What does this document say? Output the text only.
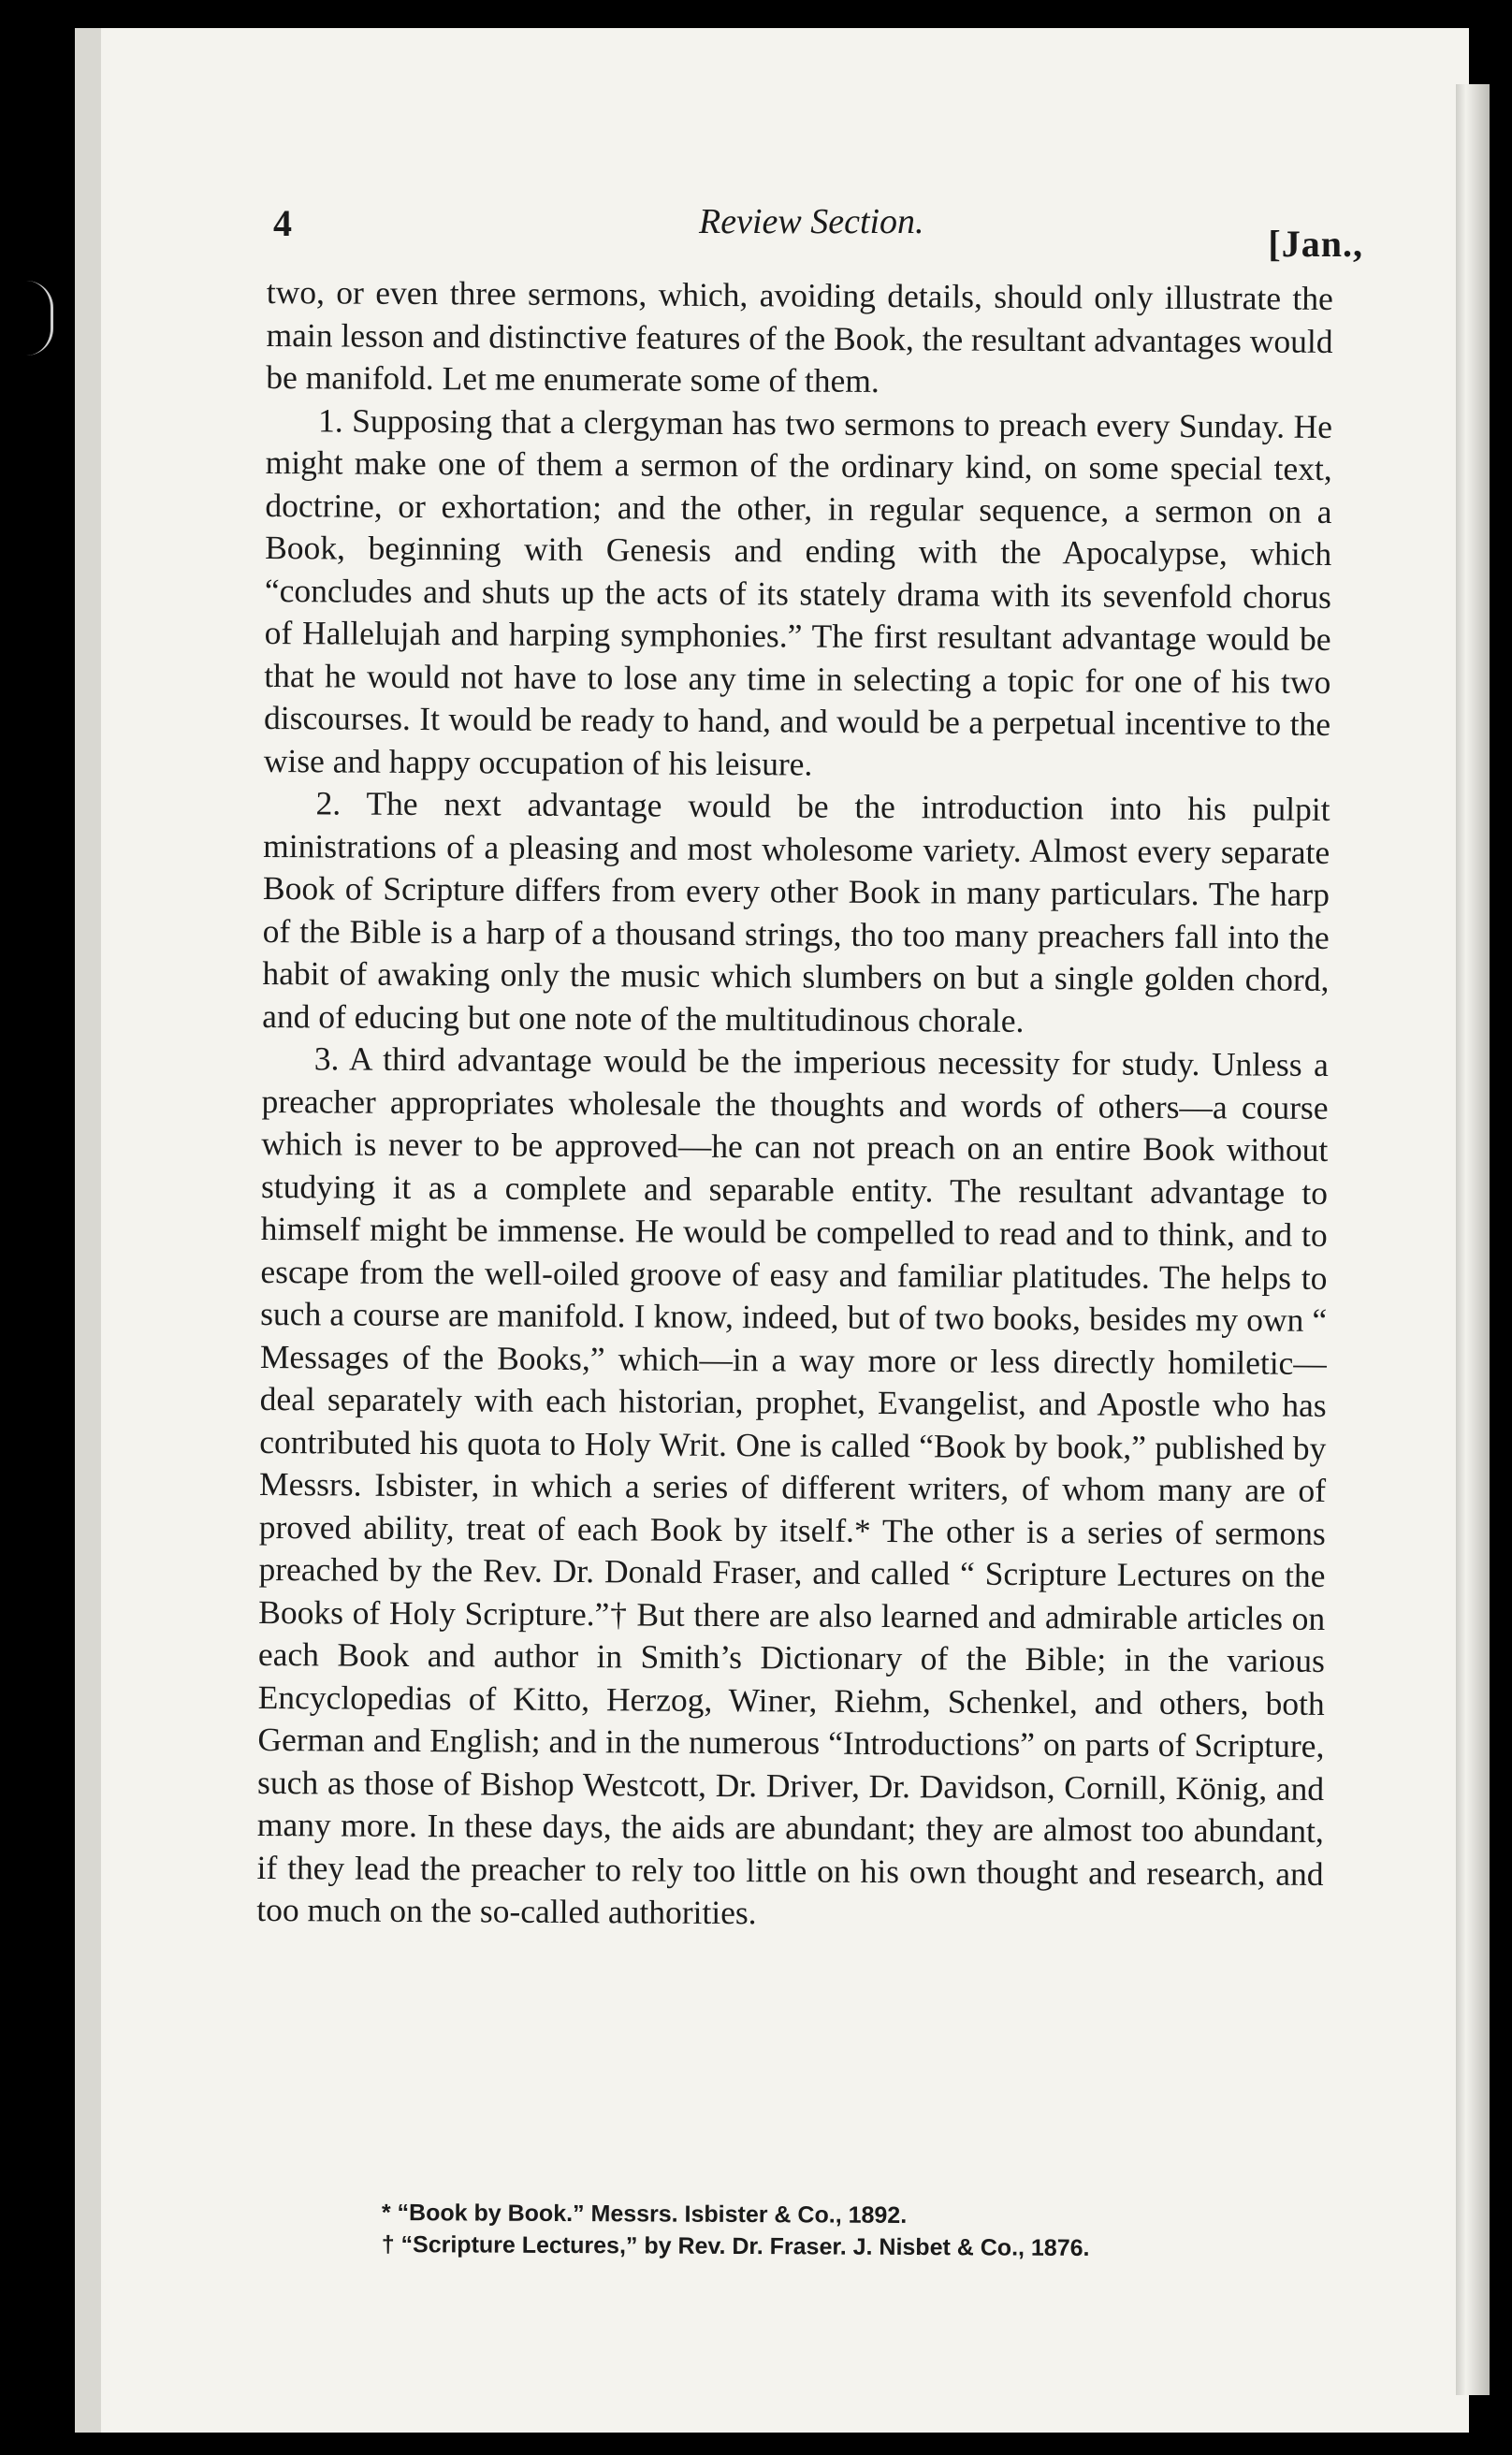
4	Review Section.
[Jan.,

two, or even three sermons, which, avoiding details, should only illustrate the main lesson and distinctive features of the Book, the resultant advantages would be manifold. Let me enumerate some of them.

1. Supposing that a clergyman has two sermons to preach every Sunday. He might make one of them a sermon of the ordinary kind, on some special text, doctrine, or exhortation; and the other, in regular sequence, a sermon on a Book, beginning with Genesis and ending with the Apocalypse, which “concludes and shuts up the acts of its stately drama with its sevenfold chorus of Hallelujah and harping symphonies.” The first resultant advantage would be that he would not have to lose any time in selecting a topic for one of his two discourses. It would be ready to hand, and would be a perpetual incentive to the wise and happy occupation of his leisure.

2. The next advantage would be the introduction into his pulpit ministrations of a pleasing and most wholesome variety. Almost every separate Book of Scripture differs from every other Book in many particulars. The harp of the Bible is a harp of a thousand strings, tho too many preachers fall into the habit of awaking only the music which slumbers on but a single golden chord, and of educing but one note of the multitudinous chorale.

3. A third advantage would be the imperious necessity for study. Unless a preacher appropriates wholesale the thoughts and words of others—a course which is never to be approved—he can not preach on an entire Book without studying it as a complete and separable entity. The resultant advantage to himself might be immense. He would be compelled to read and to think, and to escape from the well-oiled groove of easy and familiar platitudes. The helps to such a course are manifold. I know, indeed, but of two books, besides my own “ Messages of the Books,” which—in a way more or less directly homiletic—deal separately with each historian, prophet, Evangelist, and Apostle who has contributed his quota to Holy Writ. One is called “Book by book,” published by Messrs. Isbister, in which a series of different writers, of whom many are of proved ability, treat of each Book by itself.* The other is a series of sermons preached by the Rev. Dr. Donald Fraser, and called “ Scripture Lectures on the Books of Holy Scripture.”† But there are also learned and admirable articles on each Book and author in Smith’s Dictionary of the Bible; in the various Encyclopedias of Kitto, Herzog, Winer, Riehm, Schenkel, and others, both German and English; and in the numerous “Introductions” on parts of Scripture, such as those of Bishop Westcott, Dr. Driver, Dr. Davidson, Cornill, König, and many more. In these days, the aids are abundant; they are almost too abundant, if they lead the preacher to rely too little on his own thought and research, and too much on the so-called authorities.

* “Book by Book.” Messrs. Isbister & Co., 1892.

† “Scripture Lectures,” by Rev. Dr. Fraser. J. Nisbet & Co., 1876.
